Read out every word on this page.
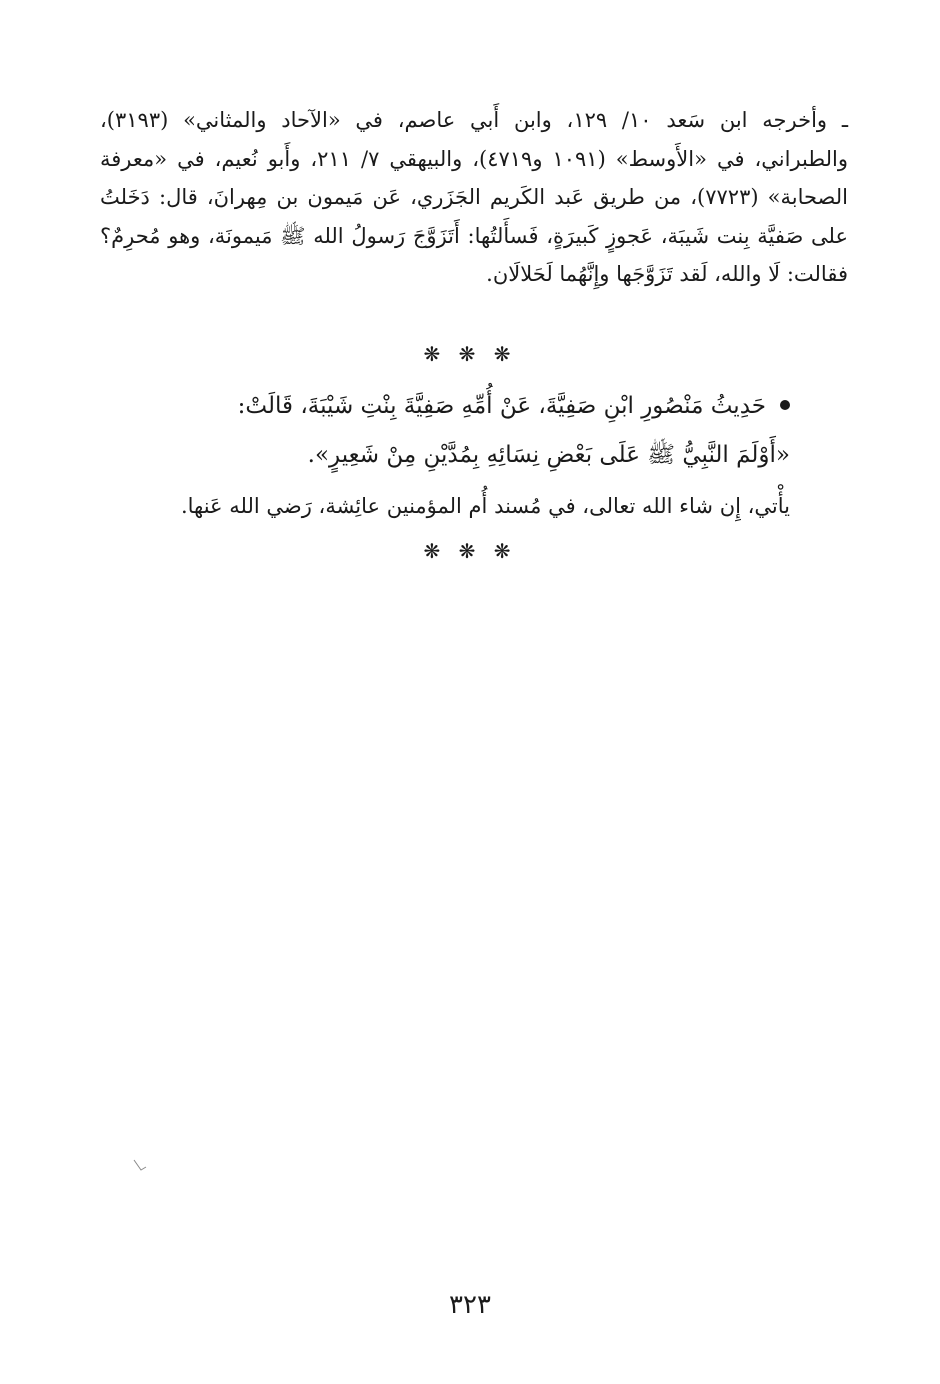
ـ وأخرجه ابن سَعد ١٠/ ١٢٩، وابن أَبي عاصم، في «الآحاد والمثاني» (٣١٩٣)،
والطبراني، في «الأَوسط» (١٠٩١ و٤٧١٩)، والبيهقي ٧/ ٢١١، وأَبو نُعيم، في «معرفة
الصحابة» (٧٧٢٣)، من طريق عَبد الكَريم الجَزَري، عَن مَيمون بن مِهرانَ، قال: دَخَلتُ
على صَفيَّة بِنت شَيبَة، عَجوزٍ كَبيرَةٍ، فَسأَلتُها: أَتَزَوَّجَ رَسولُ الله ﷺ مَيمونَة، وهو مُحرِمٌ؟
فقالت: لَا والله، لَقد تَزَوَّجَها وإِنَّهُما لَحَلالَان.
❋ ❋ ❋
حَدِيثُ مَنْصُورِ ابْنِ صَفِيَّةَ، عَنْ أُمِّهِ صَفِيَّةَ بِنْتِ شَيْبَةَ، قَالَتْ:
«أَوْلَمَ النَّبِيُّ ﷺ عَلَى بَعْضِ نِسَائِهِ بِمُدَّيْنِ مِنْ شَعِيرٍ».
يأْتي، إِن شاء الله تعالى، في مُسند أُم المؤمنين عائِشة، رَضي الله عَنها.
❋ ❋ ❋
٣٢٣
